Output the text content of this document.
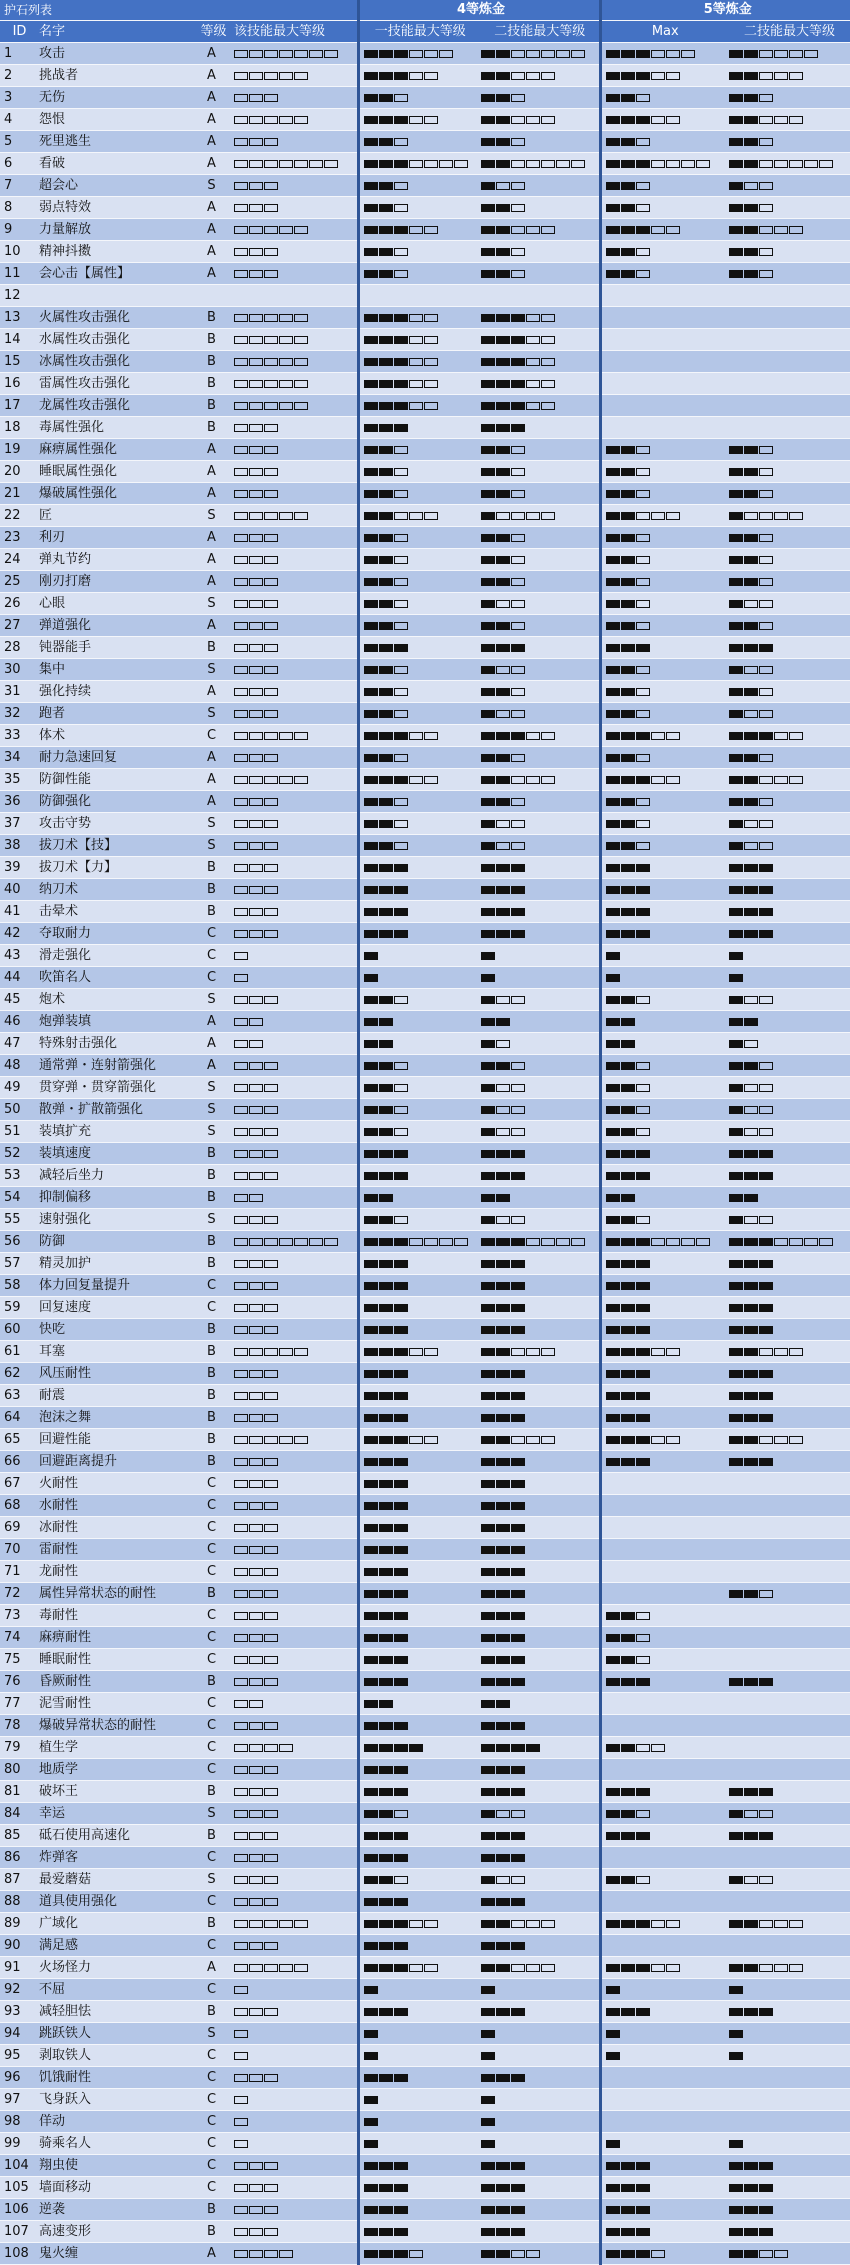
护石列表				4等炼金		5等炼金	
ID	名字	等级	该技能最大等级	一技能最大等级	二技能最大等级	Max	二技能最大等级
1	攻击	A	

2	挑战者	A	

3	无伤	A	

4	怨恨	A	

5	死里逃生	A	

6	看破	A	

7	超会心	S	

8	弱点特效	A	

9	力量解放	A	

10	精神抖擞	A	

11	会心击【属性】	A	

12							
13	火属性攻击强化	B	

14	水属性攻击强化	B	

15	冰属性攻击强化	B	

16	雷属性攻击强化	B	

17	龙属性攻击强化	B	

18	毒属性强化	B	

19	麻痹属性强化	A	

20	睡眠属性强化	A	

21	爆破属性强化	A	

22	匠	S	

23	利刃	A	

24	弹丸节约	A	

25	刚刃打磨	A	

26	心眼	S	

27	弹道强化	A	

28	钝器能手	B	

30	集中	S	

31	强化持续	A	

32	跑者	S	

33	体术	C	

34	耐力急速回复	A	

35	防御性能	A	

36	防御强化	A	

37	攻击守势	S	

38	拔刀术【技】	S	

39	拔刀术【力】	B	

40	纳刀术	B	

41	击晕术	B	

42	夺取耐力	C	

43	滑走强化	C	

44	吹笛名人	C	

45	炮术	S	

46	炮弹装填	A	

47	特殊射击强化	A	

48	通常弹・连射箭强化	A	

49	贯穿弹・贯穿箭强化	S	

50	散弹・扩散箭强化	S	

51	装填扩充	S	

52	装填速度	B	

53	减轻后坐力	B	

54	抑制偏移	B	

55	速射强化	S	

56	防御	B	

57	精灵加护	B	

58	体力回复量提升	C	

59	回复速度	C	

60	快吃	B	

61	耳塞	B	

62	风压耐性	B	

63	耐震	B	

64	泡沫之舞	B	

65	回避性能	B	

66	回避距离提升	B	

67	火耐性	C	

68	水耐性	C	

69	冰耐性	C	

70	雷耐性	C	

71	龙耐性	C	

72	属性异常状态的耐性	B	

73	毒耐性	C	

74	麻痹耐性	C	

75	睡眠耐性	C	

76	昏厥耐性	B	

77	泥雪耐性	C	

78	爆破异常状态的耐性	C	

79	植生学	C	

80	地质学	C	

81	破坏王	B	

84	幸运	S	

85	砥石使用高速化	B	

86	炸弹客	C	

87	最爱蘑菇	S	

88	道具使用强化	C	

89	广域化	B	

90	满足感	C	

91	火场怪力	A	

92	不屈	C	

93	减轻胆怯	B	

94	跳跃铁人	S	

95	剥取铁人	C	

96	饥饿耐性	C	

97	飞身跃入	C	

98	佯动	C	

99	骑乘名人	C	

104	翔虫使	C	

105	墙面移动	C	

106	逆袭	B	

107	高速变形	B	

108	鬼火缠	A	
